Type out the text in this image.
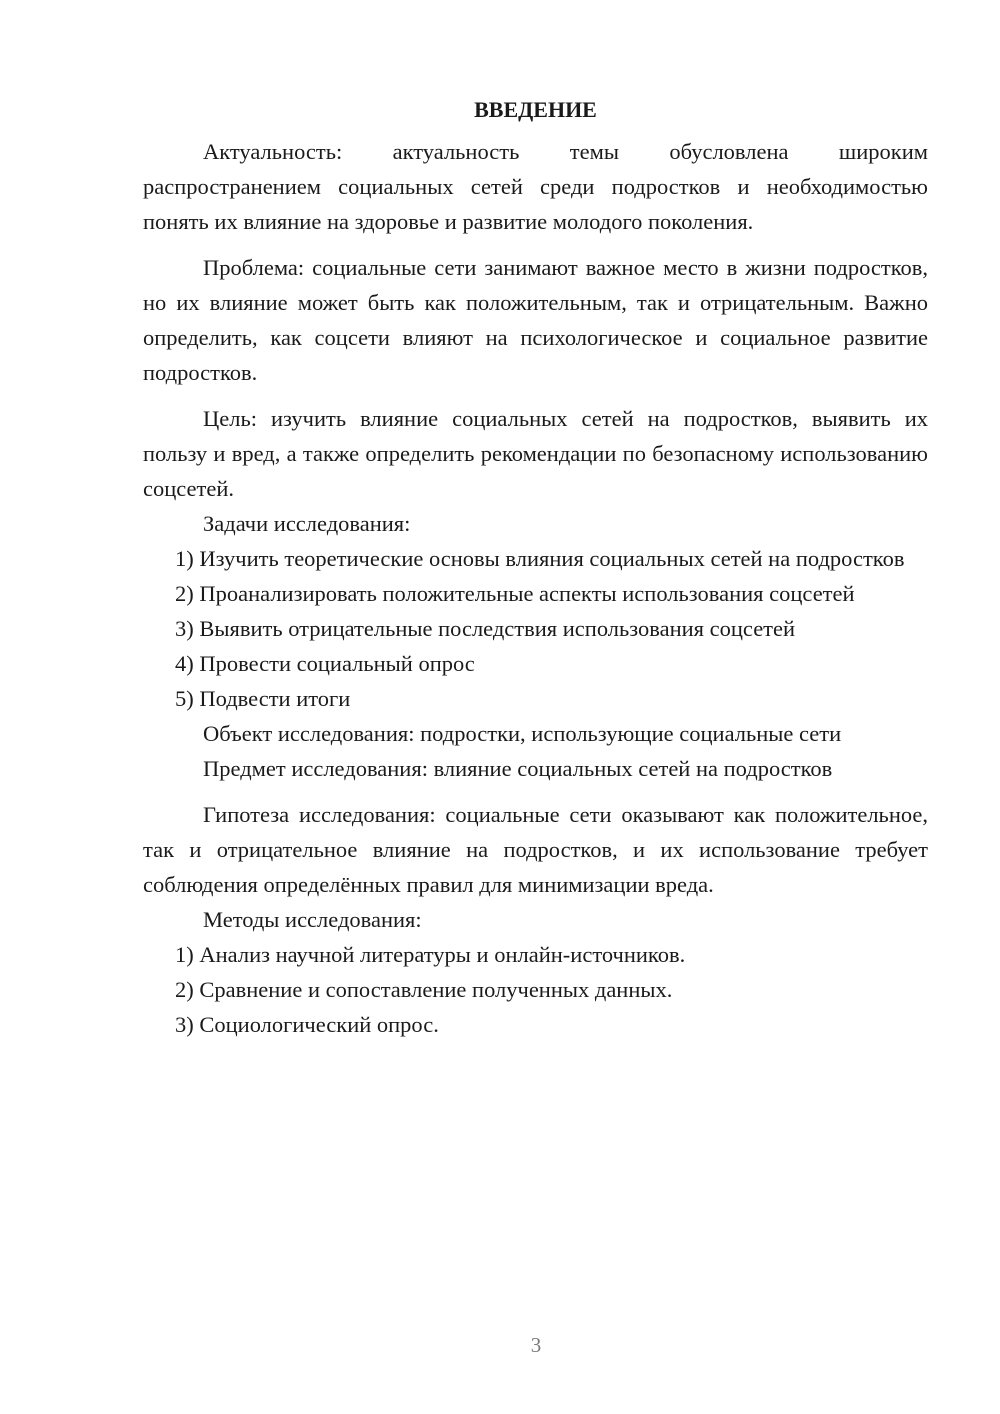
ВВЕДЕНИЕ

Актуальность: актуальность темы обусловлена широким распространением социальных сетей среди подростков и необходимостью понять их влияние на здоровье и развитие молодого поколения.

Проблема: социальные сети занимают важное место в жизни подростков, но их влияние может быть как положительным, так и отрицательным. Важно определить, как соцсети влияют на психологическое и социальное развитие подростков.

Цель: изучить влияние социальных сетей на подростков, выявить их пользу и вред, а также определить рекомендации по безопасному использованию соцсетей.

Задачи исследования:

1) Изучить теоретические основы влияния социальных сетей на подростков

2) Проанализировать положительные аспекты использования соцсетей

3) Выявить отрицательные последствия использования соцсетей

4) Провести социальный опрос

5) Подвести итоги

Объект исследования: подростки, использующие социальные сети

Предмет исследования: влияние социальных сетей на подростков

Гипотеза исследования: социальные сети оказывают как положительное, так и отрицательное влияние на подростков, и их использование требует соблюдения определённых правил для минимизации вреда.

Методы исследования:

1) Анализ научной литературы и онлайн-источников.

2) Сравнение и сопоставление полученных данных.

3) Социологический опрос.

3
